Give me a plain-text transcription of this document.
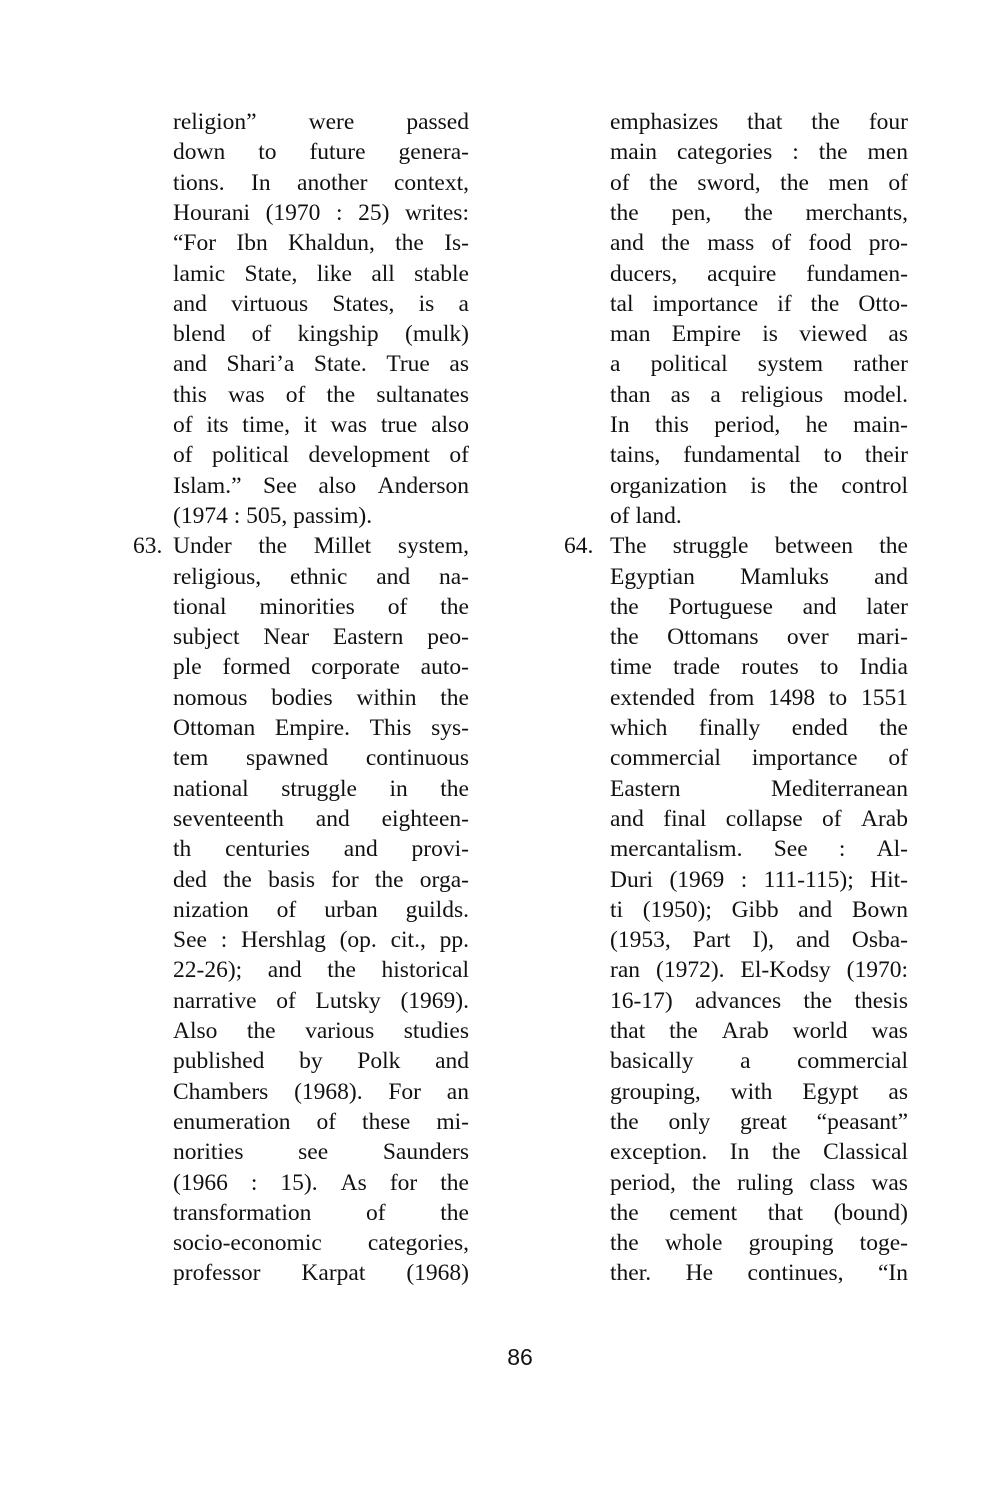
religion” were passed
down to future genera-
tions. In another context,
Hourani (1970 : 25) writes:
“For Ibn Khaldun, the Is-
lamic State, like all stable
and virtuous States, is a
blend of kingship (mulk)
and Shari’a State. True as
this was of the sultanates
of its time, it was true also
of political development of
Islam.” See also Anderson
(1974 : 505, passim).
63. Under the Millet system,
religious, ethnic and na-
tional minorities of the
subject Near Eastern peo-
ple formed corporate auto-
nomous bodies within the
Ottoman Empire. This sys-
tem spawned continuous
national struggle in the
seventeenth and eighteen-
th centuries and provi-
ded the basis for the orga-
nization of urban guilds.
See : Hershlag (op. cit., pp.
22-26); and the historical
narrative of Lutsky (1969).
Also the various studies
published by Polk and
Chambers (1968). For an
enumeration of these mi-
norities see Saunders
(1966 : 15). As for the
transformation of the
socio-economic categories,
professor Karpat (1968)
emphasizes that the four
main categories : the men
of the sword, the men of
the pen, the merchants,
and the mass of food pro-
ducers, acquire fundamen-
tal importance if the Otto-
man Empire is viewed as
a political system rather
than as a religious model.
In this period, he main-
tains, fundamental to their
organization is the control
of land.
64. The struggle between the
Egyptian Mamluks and
the Portuguese and later
the Ottomans over mari-
time trade routes to India
extended from 1498 to 1551
which finally ended the
commercial importance of
Eastern	Mediterranean
and final collapse of Arab
mercantalism. See : Al-
Duri (1969 : 111-115); Hit-
ti (1950); Gibb and Bown
(1953, Part I), and Osba-
ran (1972). El-Kodsy (1970:
16-17) advances the thesis
that the Arab world was
basically a commercial
grouping, with Egypt as
the only great “peasant”
exception. In the Classical
period, the ruling class was
the cement that (bound)
the whole grouping toge-
ther. He continues, “In
86
